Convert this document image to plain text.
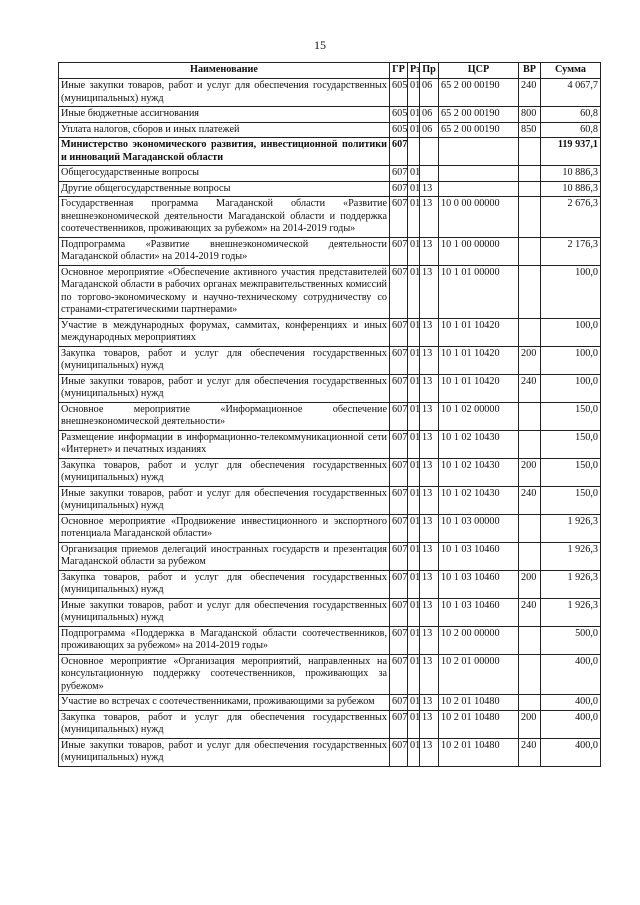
15
Наименование	ГР	Рз	Пр	ЦСР	ВР	Сумма
Иные закупки товаров, работ и услуг для обеспечения государственных (муниципальных) нужд	605	01	06	65 2 00 00190	240	4 067,7
Иные бюджетные ассигнования	605	01	06	65 2 00 00190	800	60,8
Уплата налогов, сборов и иных платежей	605	01	06	65 2 00 00190	850	60,8
Министерство экономического развития, инвестиционной политики и инноваций Магаданской области	607					119 937,1
Общегосударственные вопросы	607	01				10 886,3
Другие общегосударственные вопросы	607	01	13			10 886,3
Государственная программа Магаданской области «Развитие внешнеэкономической деятельности Магаданской области и поддержка соотечественников, проживающих за рубежом» на 2014-2019 годы»	607	01	13	10 0 00 00000		2 676,3
Подпрограмма «Развитие внешнеэкономической деятельности Магаданской области» на 2014-2019 годы»	607	01	13	10 1 00 00000		2 176,3
Основное мероприятие «Обеспечение активного участия представителей Магаданской области в рабочих органах межправительственных комиссий по торгово-экономическому и научно-техническому сотрудничеству со странами-стратегическими партнерами»	607	01	13	10 1 01 00000		100,0
Участие в международных форумах, саммитах, конференциях и иных международных мероприятиях	607	01	13	10 1 01 10420		100,0
Закупка товаров, работ и услуг для обеспечения государственных (муниципальных) нужд	607	01	13	10 1 01 10420	200	100,0
Иные закупки товаров, работ и услуг для обеспечения государственных (муниципальных) нужд	607	01	13	10 1 01 10420	240	100,0
Основное мероприятие «Информационное обеспечение внешнеэкономической деятельности»	607	01	13	10 1 02 00000		150,0
Размещение информации в информационно-телекоммуникационной сети «Интернет» и печатных изданиях	607	01	13	10 1 02 10430		150,0
Закупка товаров, работ и услуг для обеспечения государственных (муниципальных) нужд	607	01	13	10 1 02 10430	200	150,0
Иные закупки товаров, работ и услуг для обеспечения государственных (муниципальных) нужд	607	01	13	10 1 02 10430	240	150,0
Основное мероприятие «Продвижение инвестиционного и экспортного потенциала Магаданской области»	607	01	13	10 1 03 00000		1 926,3
Организация приемов делегаций иностранных государств и презентация Магаданской области за рубежом	607	01	13	10 1 03 10460		1 926,3
Закупка товаров, работ и услуг для обеспечения государственных (муниципальных) нужд	607	01	13	10 1 03 10460	200	1 926,3
Иные закупки товаров, работ и услуг для обеспечения государственных (муниципальных) нужд	607	01	13	10 1 03 10460	240	1 926,3
Подпрограмма «Поддержка в Магаданской области соотечественников, проживающих за рубежом» на 2014-2019 годы»	607	01	13	10 2 00 00000		500,0
Основное мероприятие «Организация мероприятий, направленных на консультационную поддержку соотечественников, проживающих за рубежом»	607	01	13	10 2 01 00000		400,0
Участие во встречах с соотечественниками, проживающими за рубежом	607	01	13	10 2 01 10480		400,0
Закупка товаров, работ и услуг для обеспечения государственных (муниципальных) нужд	607	01	13	10 2 01 10480	200	400,0
Иные закупки товаров, работ и услуг для обеспечения государственных (муниципальных) нужд	607	01	13	10 2 01 10480	240	400,0
